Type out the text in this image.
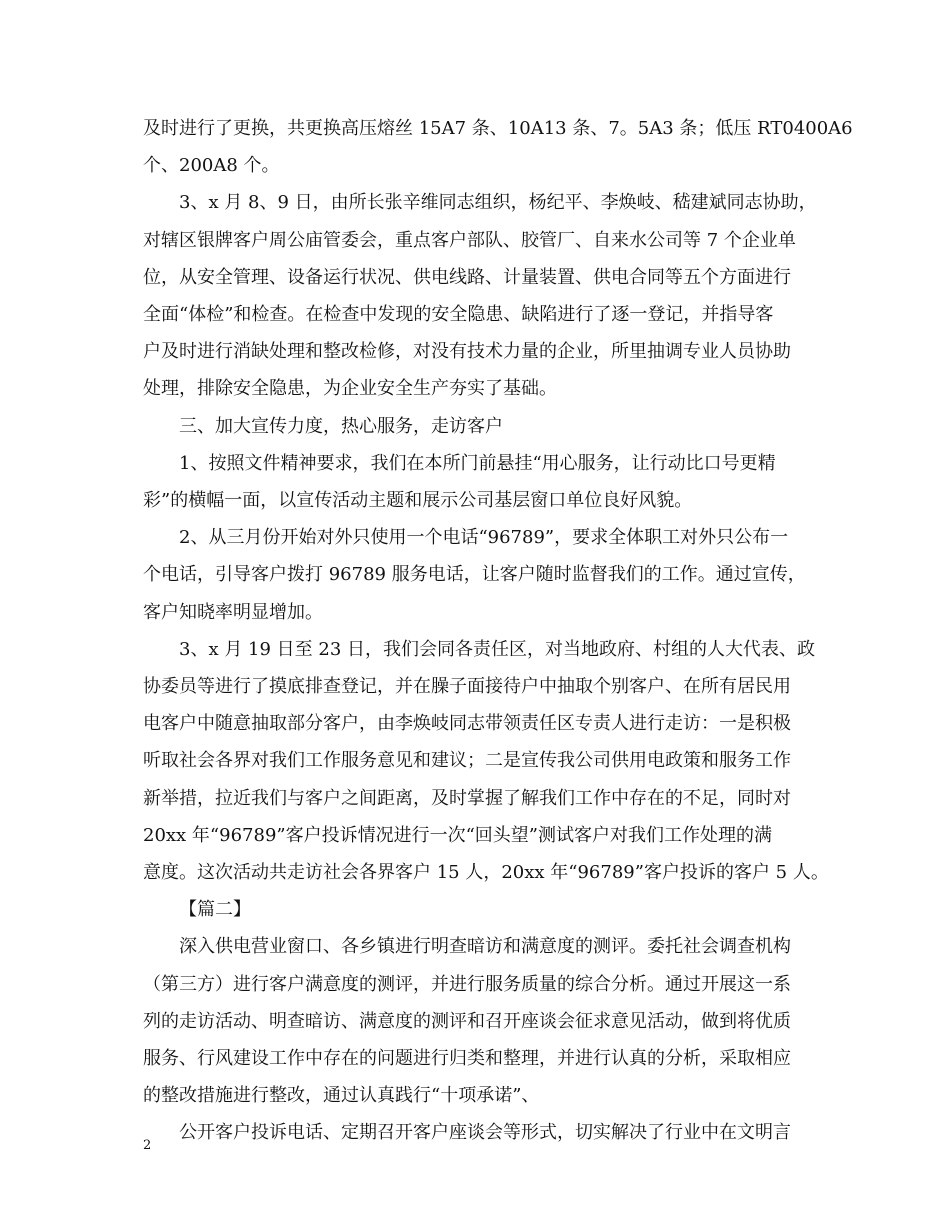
及时进行了更换，共更换高压熔丝 15A7 条、10A13 条、7。5A3 条；低压 RT0400A6
个、200A8 个。

3、x 月 8、9 日，由所长张辛维同志组织，杨纪平、李焕岐、嵇建斌同志协助，
对辖区银牌客户周公庙管委会，重点客户部队、胶管厂、自来水公司等 7 个企业单
位，从安全管理、设备运行状况、供电线路、计量装置、供电合同等五个方面进行
全面“体检”和检查。在检查中发现的安全隐患、缺陷进行了逐一登记，并指导客
户及时进行消缺处理和整改检修，对没有技术力量的企业，所里抽调专业人员协助
处理，排除安全隐患，为企业安全生产夯实了基础。

三、加大宣传力度，热心服务，走访客户

1、按照文件精神要求，我们在本所门前悬挂“用心服务，让行动比口号更精
彩”的横幅一面，以宣传活动主题和展示公司基层窗口单位良好风貌。

2、从三月份开始对外只使用一个电话“96789”，要求全体职工对外只公布一
个电话，引导客户拨打 96789 服务电话，让客户随时监督我们的工作。通过宣传，
客户知晓率明显增加。

3、x 月 19 日至 23 日，我们会同各责任区，对当地政府、村组的人大代表、政
协委员等进行了摸底排查登记，并在臊子面接待户中抽取个别客户、在所有居民用
电客户中随意抽取部分客户，由李焕岐同志带领责任区专责人进行走访：一是积极
听取社会各界对我们工作服务意见和建议；二是宣传我公司供用电政策和服务工作
新举措，拉近我们与客户之间距离，及时掌握了解我们工作中存在的不足，同时对
20xx 年“96789”客户投诉情况进行一次“回头望”测试客户对我们工作处理的满
意度。这次活动共走访社会各界客户 15 人，20xx 年“96789”客户投诉的客户 5 人。

【篇二】

深入供电营业窗口、各乡镇进行明查暗访和满意度的测评。委托社会调查机构
（第三方）进行客户满意度的测评，并进行服务质量的综合分析。通过开展这一系
列的走访活动、明查暗访、满意度的测评和召开座谈会征求意见活动，做到将优质
服务、行风建设工作中存在的问题进行归类和整理，并进行认真的分析，采取相应
的整改措施进行整改，通过认真践行“十项承诺”、

公开客户投诉电话、定期召开客户座谈会等形式，切实解决了行业中在文明言

2
